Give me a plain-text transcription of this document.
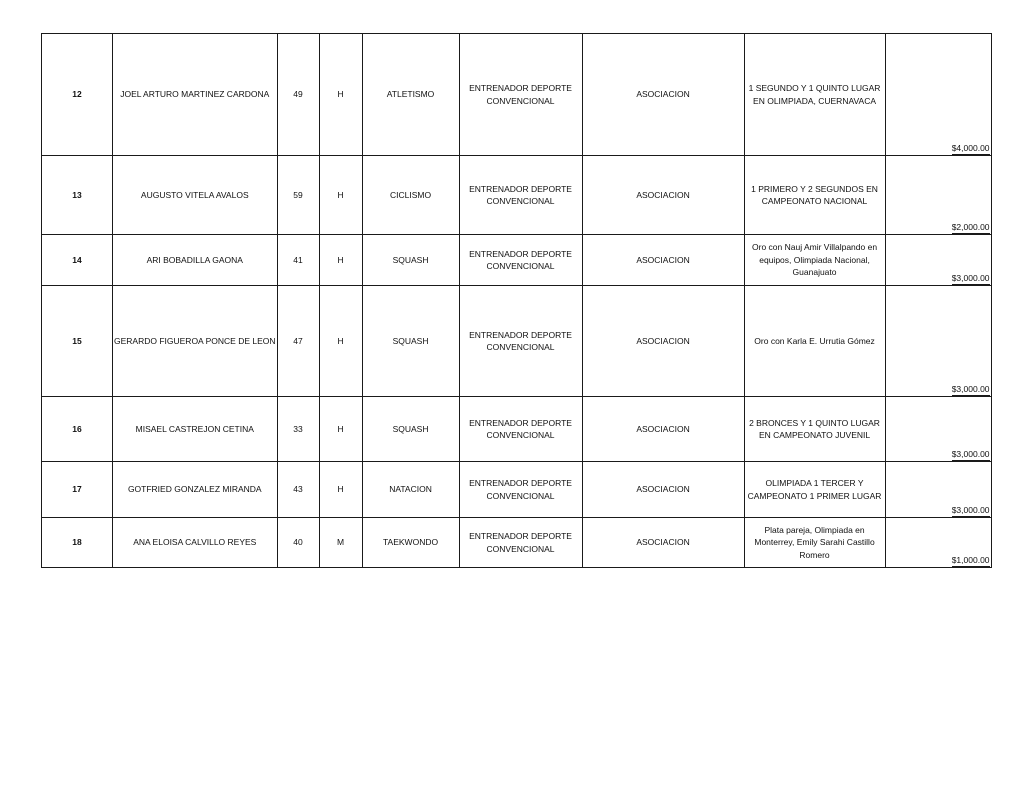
12	JOEL ARTURO MARTINEZ CARDONA	49	H	ATLETISMO	ENTRENADOR DEPORTE CONVENCIONAL	ASOCIACION	1 SEGUNDO Y 1 QUINTO LUGAR EN OLIMPIADA, CUERNAVACA	$4,000.00
13	AUGUSTO VITELA AVALOS	59	H	CICLISMO	ENTRENADOR DEPORTE CONVENCIONAL	ASOCIACION	1 PRIMERO Y 2 SEGUNDOS EN CAMPEONATO NACIONAL	$2,000.00
14	ARI BOBADILLA GAONA	41	H	SQUASH	ENTRENADOR DEPORTE CONVENCIONAL	ASOCIACION	Oro con Nauj Amir Villalpando en equipos, Olimpiada Nacional, Guanajuato	$3,000.00
15	GERARDO FIGUEROA PONCE DE LEON	47	H	SQUASH	ENTRENADOR DEPORTE CONVENCIONAL	ASOCIACION	Oro con Karla E. Urrutia Gómez	$3,000.00
16	MISAEL CASTREJON CETINA	33	H	SQUASH	ENTRENADOR DEPORTE CONVENCIONAL	ASOCIACION	2 BRONCES Y 1 QUINTO LUGAR EN CAMPEONATO JUVENIL	$3,000.00
17	GOTFRIED GONZALEZ MIRANDA	43	H	NATACION	ENTRENADOR DEPORTE CONVENCIONAL	ASOCIACION	OLIMPIADA 1 TERCER Y CAMPEONATO 1 PRIMER LUGAR	$3,000.00
18	ANA ELOISA CALVILLO REYES	40	M	TAEKWONDO	ENTRENADOR DEPORTE CONVENCIONAL	ASOCIACION	Plata pareja, Olimpiada en Monterrey, Emily Sarahi Castillo Romero	$1,000.00
